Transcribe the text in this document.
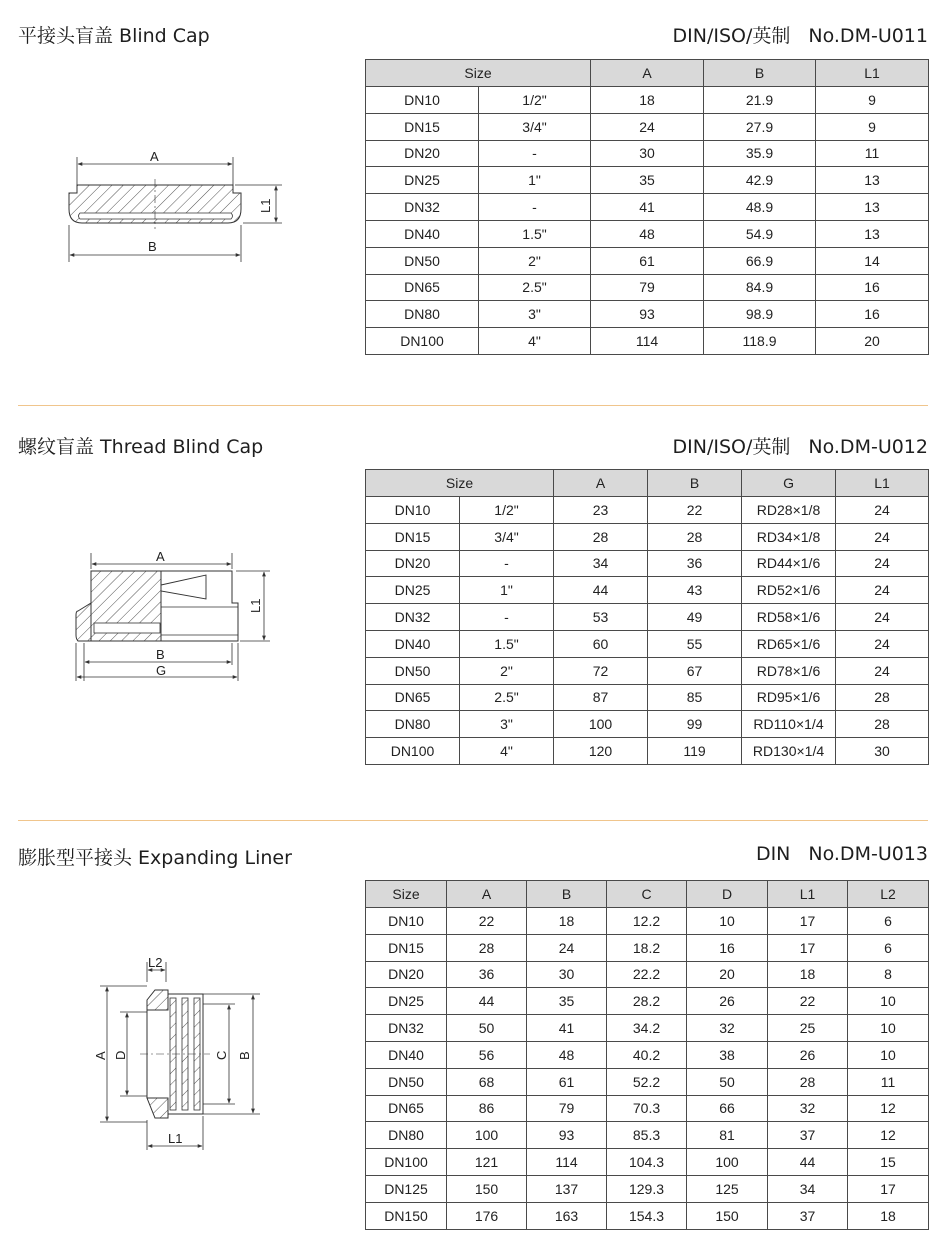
平接头盲盖 Blind Cap	DIN/ISO/英制 No.DM-U011
A
L1
B
Size		A	B	L1
DN10	1/2"	18	21.9	9
DN15	3/4"	24	27.9	9
DN20	-	30	35.9	11
DN25	1"	35	42.9	13
DN32	-	41	48.9	13
DN40	1.5"	48	54.9	13
DN50	2"	61	66.9	14
DN65	2.5"	79	84.9	16
DN80	3"	93	98.9	16
DN100	4"	114	118.9	20
螺纹盲盖 Thread Blind Cap	DIN/ISO/英制 No.DM-U012
A
L1
B
G
Size		A	B	G	L1
DN10	1/2"	23	22	RD28×1/8	24
DN15	3/4"	28	28	RD34×1/8	24
DN20	-	34	36	RD44×1/6	24
DN25	1"	44	43	RD52×1/6	24
DN32	-	53	49	RD58×1/6	24
DN40	1.5"	60	55	RD65×1/6	24
DN50	2"	72	67	RD78×1/6	24
DN65	2.5"	87	85	RD95×1/6	28
DN80	3"	100	99	RD110×1/4	28
DN100	4"	120	119	RD130×1/4	30
膨胀型平接头 Expanding Liner	DIN No.DM-U013
L2
A D	C B
L1
Size	A	B	C	D	L1	L2
DN10	22	18	12.2	10	17	6
DN15	28	24	18.2	16	17	6
DN20	36	30	22.2	20	18	8
DN25	44	35	28.2	26	22	10
DN32	50	41	34.2	32	25	10
DN40	56	48	40.2	38	26	10
DN50	68	61	52.2	50	28	11
DN65	86	79	70.3	66	32	12
DN80	100	93	85.3	81	37	12
DN100	121	114	104.3	100	44	15
DN125	150	137	129.3	125	34	17
DN150	176	163	154.3	150	37	18
